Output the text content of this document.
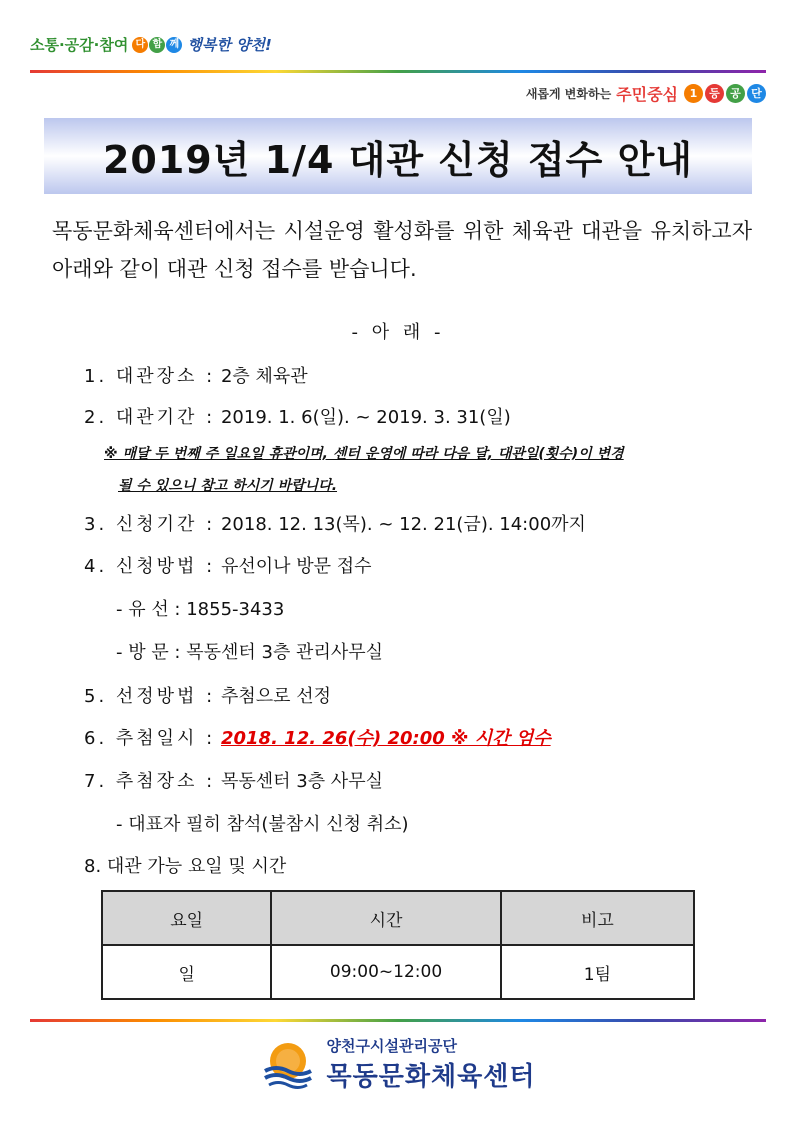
소통·공감·참여 다 함 께 행복한 양천!
새롭게 변화하는 주민중심	1	등 공 단
2019년 1/4 대관 신청 접수 안내
목동문화체육센터에서는 시설운영 활성화를 위한 체육관 대관을 유치하고자 아래와 같이 대관 신청 접수를 받습니다.
- 아 래 -
1. 대관장소 : 2층 체육관
2. 대관기간 : 2019. 1. 6(일). ~ 2019. 3. 31(일)
※ 매달 두 번째 주 일요일 휴관이며, 센터 운영에 따라 다음 달, 대관일(횟수)이 변경
될 수 있으니 참고 하시기 바랍니다.
3. 신청기간 : 2018. 12. 13(목). ~ 12. 21(금). 14:00까지
4. 신청방법 : 유선이나 방문 접수
- 유 선 : 1855-3433
- 방 문 : 목동센터 3층 관리사무실
5. 선정방법 : 추첨으로 선정
6. 추첨일시 : 2018. 12. 26(수) 20:00 ※ 시간 엄수
7. 추첨장소 : 목동센터 3층 사무실
- 대표자 필히 참석(불참시 신청 취소)
8. 대관 가능 요일 및 시간
요일	시간	비고
일	09:00~12:00	1팀
양천구시설관리공단
목동문화체육센터
